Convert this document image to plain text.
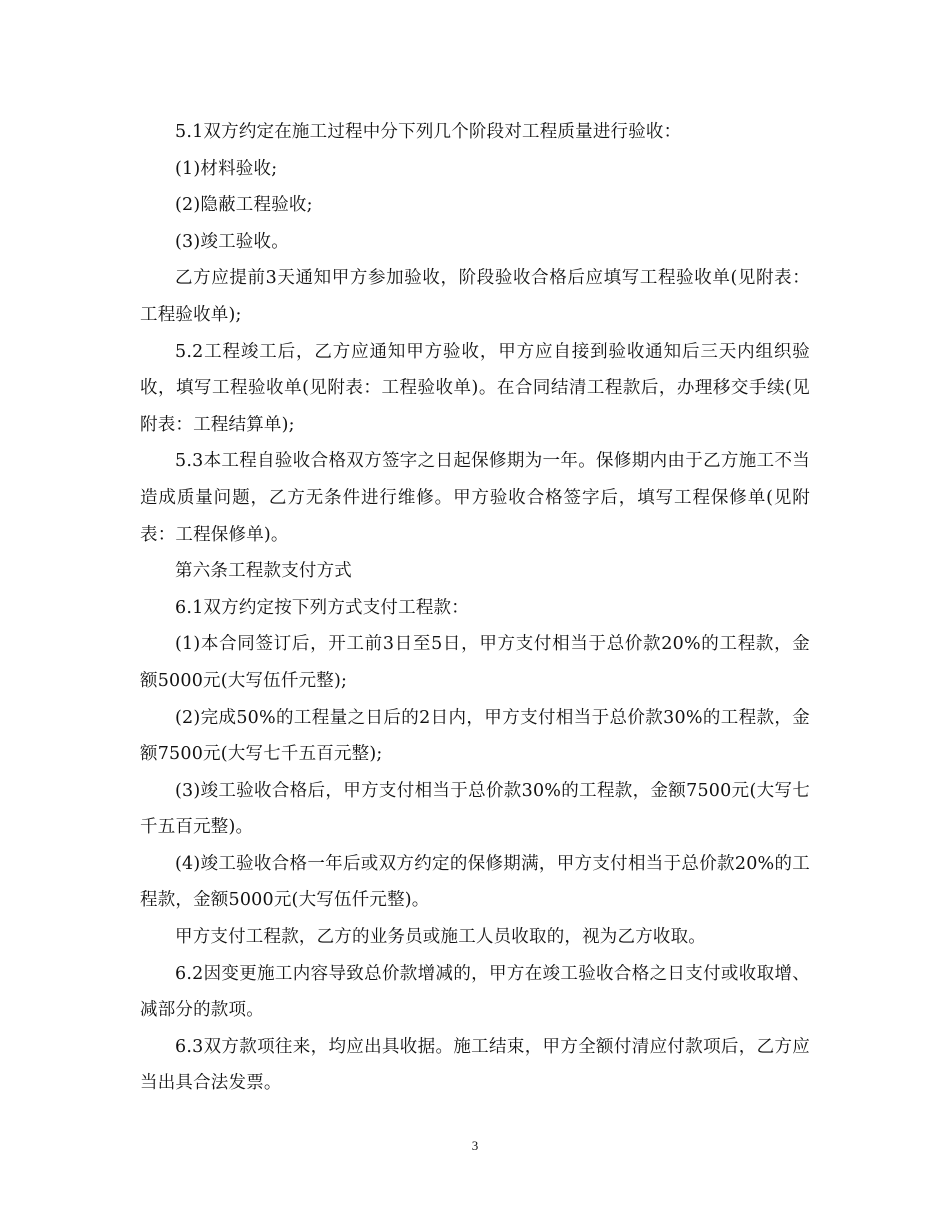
5.1双方约定在施工过程中分下列几个阶段对工程质量进行验收：

(1)材料验收;

(2)隐蔽工程验收;

(3)竣工验收。

乙方应提前3天通知甲方参加验收，阶段验收合格后应填写工程验收单(见附表：工程验收单);

5.2工程竣工后，乙方应通知甲方验收，甲方应自接到验收通知后三天内组织验收，填写工程验收单(见附表：工程验收单)。在合同结清工程款后，办理移交手续(见附表：工程结算单);

5.3本工程自验收合格双方签字之日起保修期为一年。保修期内由于乙方施工不当造成质量问题，乙方无条件进行维修。甲方验收合格签字后，填写工程保修单(见附表：工程保修单)。

第六条工程款支付方式

6.1双方约定按下列方式支付工程款：

(1)本合同签订后，开工前3日至5日，甲方支付相当于总价款20%的工程款，金额5000元(大写伍仟元整);

(2)完成50%的工程量之日后的2日内，甲方支付相当于总价款30%的工程款，金额7500元(大写七千五百元整);

(3)竣工验收合格后，甲方支付相当于总价款30%的工程款，金额7500元(大写七千五百元整)。

(4)竣工验收合格一年后或双方约定的保修期满，甲方支付相当于总价款20%的工程款，金额5000元(大写伍仟元整)。

甲方支付工程款，乙方的业务员或施工人员收取的，视为乙方收取。

6.2因变更施工内容导致总价款增减的，甲方在竣工验收合格之日支付或收取增、减部分的款项。

6.3双方款项往来，均应出具收据。施工结束，甲方全额付清应付款项后，乙方应当出具合法发票。

3
